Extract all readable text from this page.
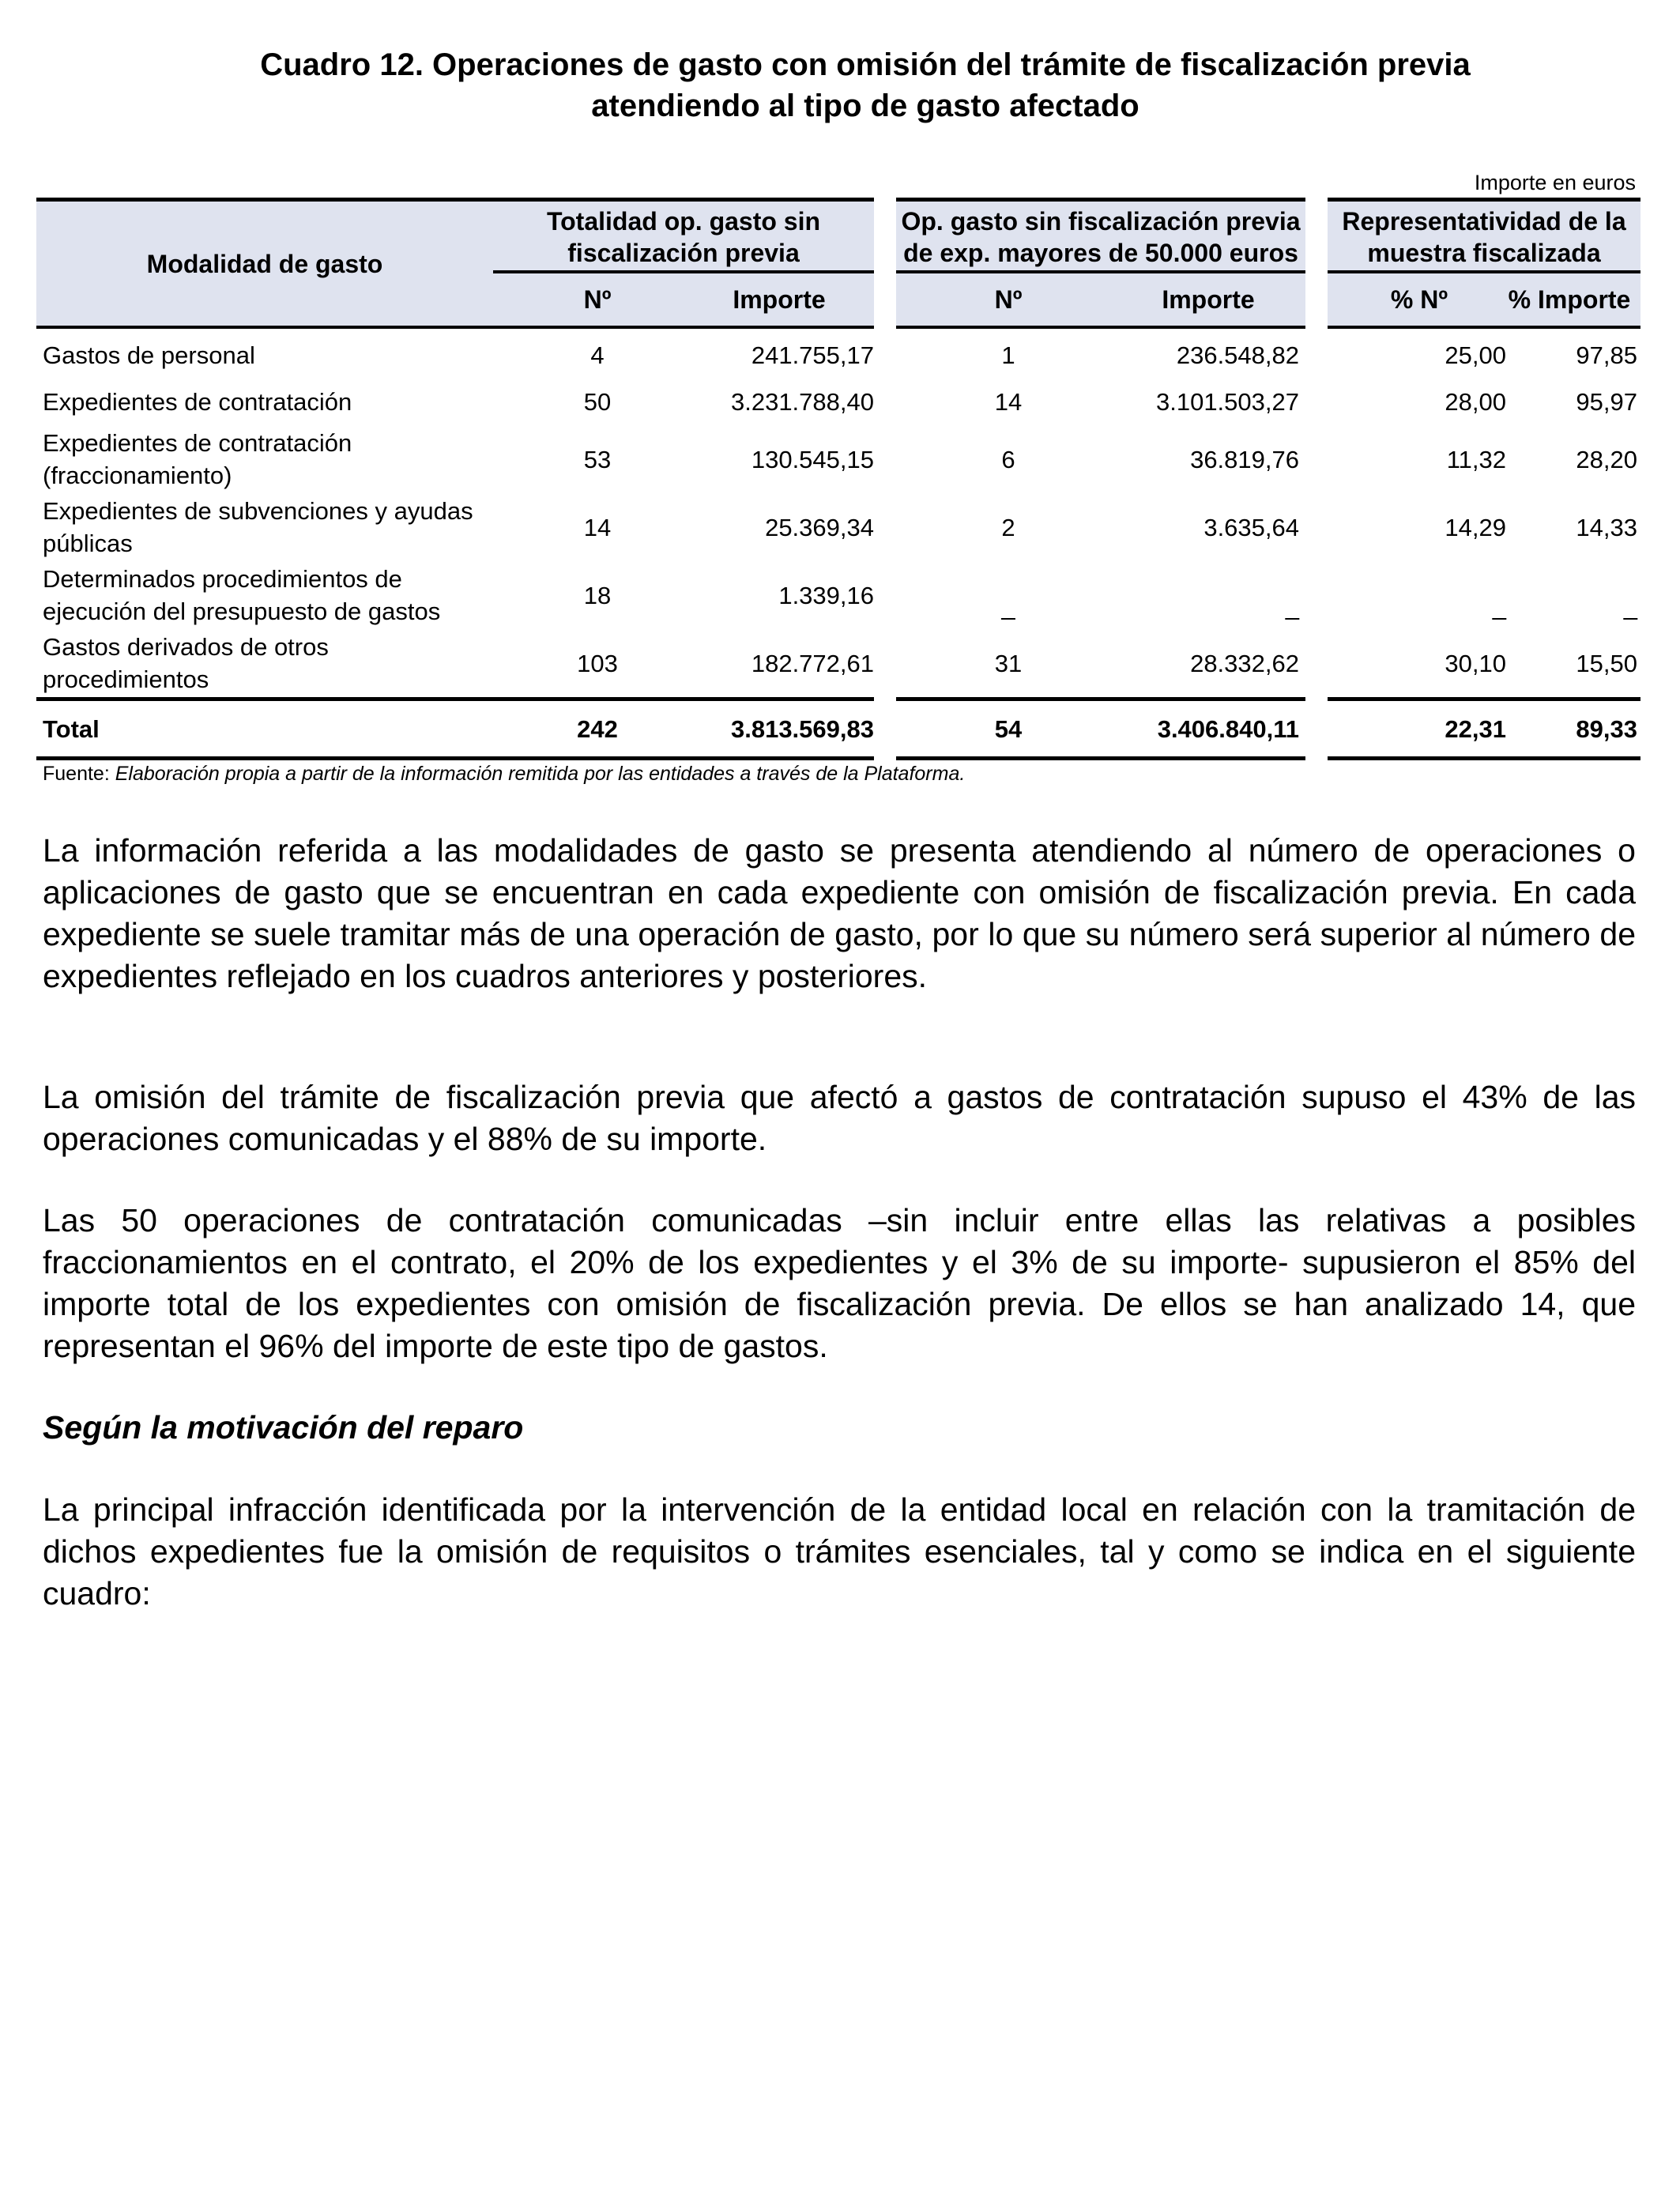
Cuadro 12. Operaciones de gasto con omisión del trámite de fiscalización previa
atendiendo al tipo de gasto afectado
Importe en euros
Modalidad de gasto
Totalidad op. gasto sin
fiscalización previa
Op. gasto sin fiscalización previa
de exp. mayores de 50.000 euros
Representatividad de la
muestra fiscalizada
Nº	Importe	Nº	Importe	% Nº	% Importe
Gastos de personal	4	241.755,17	1	236.548,82	25,00	97,85
Expedientes de contratación	50	3.231.788,40	14	3.101.503,27	28,00	95,97
Expedientes de contratación
(fraccionamiento)
53	130.545,15	6	36.819,76	11,32	28,20
Expedientes de subvenciones y ayudas
públicas
14	25.369,34	2	3.635,64	14,29	14,33
Determinados procedimientos de
ejecución del presupuesto de gastos
18	1.339,16	_	_	_	_
Gastos derivados de otros
procedimientos
103	182.772,61	31	28.332,62	30,10	15,50
Total	242	3.813.569,83	54	3.406.840,11	22,31	89,33
Fuente: Elaboración propia a partir de la información remitida por las entidades a través de la Plataforma.
La información referida a las modalidades de gasto se presenta atendiendo al número de operaciones o aplicaciones de gasto que se encuentran en cada expediente con omisión de fiscalización previa. En cada expediente se suele tramitar más de una operación de gasto, por lo que su número será superior al número de expedientes reflejado en los cuadros anteriores y posteriores.
La omisión del trámite de fiscalización previa que afectó a gastos de contratación supuso el 43% de las operaciones comunicadas y el 88% de su importe.
Las 50 operaciones de contratación comunicadas –sin incluir entre ellas las relativas a posibles fraccionamientos en el contrato, el 20% de los expedientes y el 3% de su importe- supusieron el 85% del importe total de los expedientes con omisión de fiscalización previa. De ellos se han analizado 14, que representan el 96% del importe de este tipo de gastos.
Según la motivación del reparo
La principal infracción identificada por la intervención de la entidad local en relación con la tramitación de dichos expedientes fue la omisión de requisitos o trámites esenciales, tal y como se indica en el siguiente cuadro:
